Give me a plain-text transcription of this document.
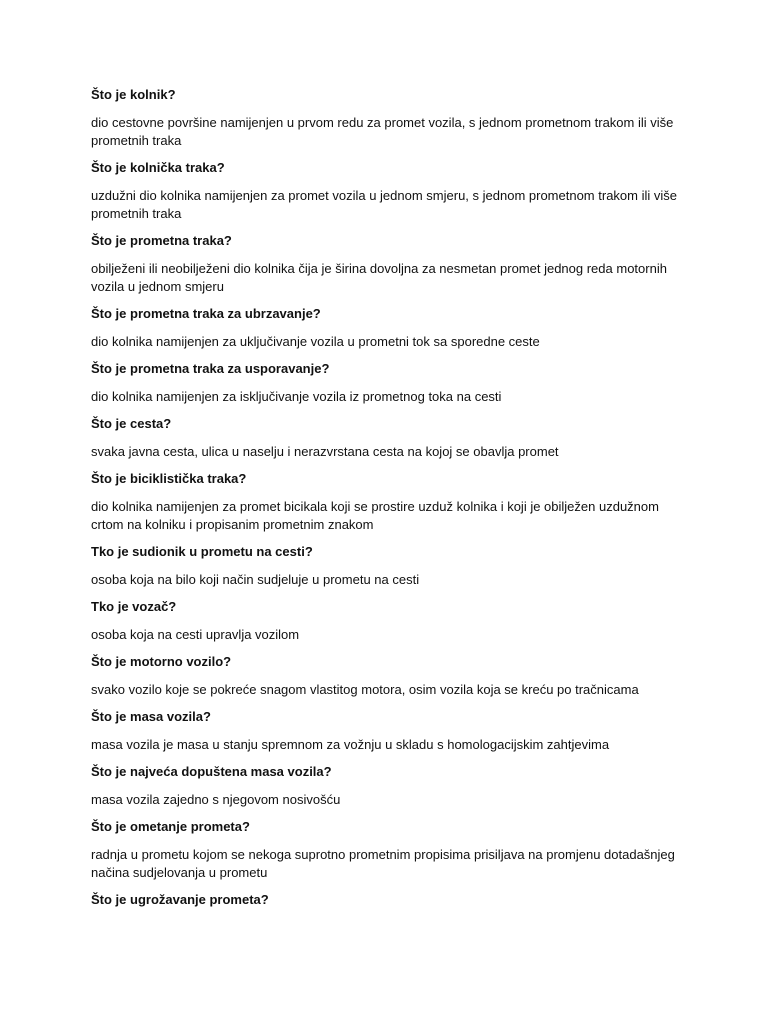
Što je kolnik?

dio cestovne površine namijenjen u prvom redu za promet vozila, s jednom prometnom trakom ili više prometnih traka

Što je kolnička traka?

uzdužni dio kolnika namijenjen za promet vozila u jednom smjeru, s jednom prometnom trakom ili više prometnih traka

Što je prometna traka?

obilježeni ili neobilježeni dio kolnika čija je širina dovoljna za nesmetan promet jednog reda motornih vozila u jednom smjeru

Što je prometna traka za ubrzavanje?

dio kolnika namijenjen za uključivanje vozila u prometni tok sa sporedne ceste

Što je prometna traka za usporavanje?

dio kolnika namijenjen za isključivanje vozila iz prometnog toka na cesti

Što je cesta?

svaka javna cesta, ulica u naselju i nerazvrstana cesta na kojoj se obavlja promet

Što je biciklistička traka?

dio kolnika namijenjen za promet bicikala koji se prostire uzduž kolnika i koji je obilježen uzdužnom crtom na kolniku i propisanim prometnim znakom

Tko je sudionik u prometu na cesti?

osoba koja na bilo koji način sudjeluje u prometu na cesti

Tko je vozač?

osoba koja na cesti upravlja vozilom

Što je motorno vozilo?

svako vozilo koje se pokreće snagom vlastitog motora, osim vozila koja se kreću po tračnicama

Što je masa vozila?

masa vozila je masa u stanju spremnom za vožnju u skladu s homologacijskim zahtjevima

Što je najveća dopuštena masa vozila?

masa vozila zajedno s njegovom nosivošću

Što je ometanje prometa?

radnja u prometu kojom se nekoga suprotno prometnim propisima prisiljava na promjenu dotadašnjeg načina sudjelovanja u prometu

Što je ugrožavanje prometa?
